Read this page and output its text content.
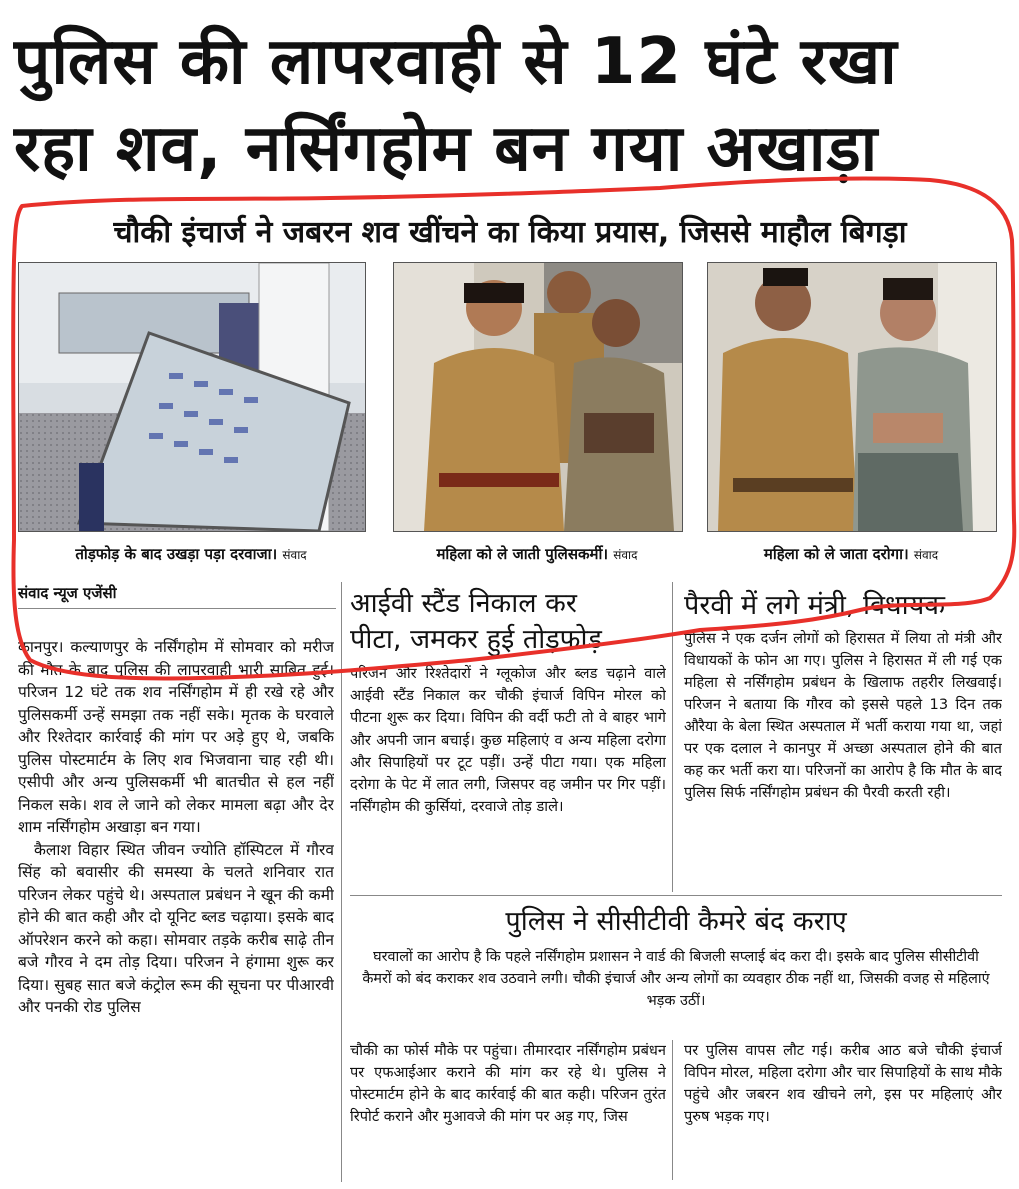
पुलिस की लापरवाही से 12 घंटे रखा
रहा शव, नर्सिंगहोम बन गया अखाड़ा
चौकी इंचार्ज ने जबरन शव खींचने का किया प्रयास, जिससे माहौल बिगड़ा
तोड़फोड़ के बाद उखड़ा पड़ा दरवाजा। संवाद	महिला को ले जाती पुलिसकर्मी। संवाद	महिला को ले जाता दरोगा। संवाद
संवाद न्यूज एजेंसी

कानपुर। कल्याणपुर के नर्सिंगहोम में सोमवार को मरीज की मौत के बाद पुलिस की लापरवाही भारी साबित हुई। परिजन 12 घंटे तक शव नर्सिंगहोम में ही रखे रहे और पुलिसकर्मी उन्हें समझा तक नहीं सके। मृतक के घरवाले और रिश्तेदार कार्रवाई की मांग पर अड़े हुए थे, जबकि पुलिस पोस्टमार्टम के लिए शव भिजवाना चाह रही थी। एसीपी और अन्य पुलिसकर्मी भी बातचीत से हल नहीं निकल सके। शव ले जाने को लेकर मामला बढ़ा और देर शाम नर्सिंगहोम अखाड़ा बन गया।

कैलाश विहार स्थित जीवन ज्योति हॉस्पिटल में गौरव सिंह को बवासीर की समस्या के चलते शनिवार रात परिजन लेकर पहुंचे थे। अस्पताल प्रबंधन ने खून की कमी होने की बात कही और दो यूनिट ब्लड चढ़ाया। इसके बाद ऑपरेशन करने को कहा। सोमवार तड़के करीब साढ़े तीन बजे गौरव ने दम तोड़ दिया। परिजन ने हंगामा शुरू कर दिया। सुबह सात बजे कंट्रोल रूम की सूचना पर पीआरवी और पनकी रोड पुलिस

आईवी स्टैंड निकाल कर
पीटा, जमकर हुई तोड़फोड़
परिजन और रिश्तेदारों ने ग्लूकोज और ब्लड चढ़ाने वाले आईवी स्टैंड निकाल कर चौकी इंचार्ज विपिन मोरल को पीटना शुरू कर दिया। विपिन की वर्दी फटी तो वे बाहर भागे और अपनी जान बचाई। कुछ महिलाएं व अन्य महिला दरोगा और सिपाहियों पर टूट पड़ीं। उन्हें पीटा गया। एक महिला दरोगा के पेट में लात लगी, जिसपर वह जमीन पर गिर पड़ीं। नर्सिंगहोम की कुर्सियां, दरवाजे तोड़ डाले।
पैरवी में लगे मंत्री, विधायक
पुलिस ने एक दर्जन लोगों को हिरासत में लिया तो मंत्री और विधायकों के फोन आ गए। पुलिस ने हिरासत में ली गई एक महिला से नर्सिंगहोम प्रबंधन के खिलाफ तहरीर लिखवाई। परिजन ने बताया कि गौरव को इससे पहले 13 दिन तक औरैया के बेला स्थित अस्पताल में भर्ती कराया गया था, जहां पर एक दलाल ने कानपुर में अच्छा अस्पताल होने की बात कह कर भर्ती करा या। परिजनों का आरोप है कि मौत के बाद पुलिस सिर्फ नर्सिंगहोम प्रबंधन की पैरवी करती रही।
पुलिस ने सीसीटीवी कैमरे बंद कराए
घरवालों का आरोप है कि पहले नर्सिंगहोम प्रशासन ने वार्ड की बिजली सप्लाई बंद करा दी। इसके बाद पुलिस सीसीटीवी कैमरों को बंद कराकर शव उठवाने लगी। चौकी इंचार्ज और अन्य लोगों का व्यवहार ठीक नहीं था, जिसकी वजह से महिलाएं भड़क उठीं।
चौकी का फोर्स मौके पर पहुंचा। तीमारदार नर्सिंगहोम प्रबंधन पर एफआईआर कराने की मांग कर रहे थे। पुलिस ने पोस्टमार्टम होने के बाद कार्रवाई की बात कही। परिजन तुरंत रिपोर्ट कराने और मुआवजे की मांग पर अड़ गए, जिस
पर पुलिस वापस लौट गई। करीब आठ बजे चौकी इंचार्ज विपिन मोरल, महिला दरोगा और चार सिपाहियों के साथ मौके पहुंचे और जबरन शव खीचने लगे, इस पर महिलाएं और पुरुष भड़क गए।
